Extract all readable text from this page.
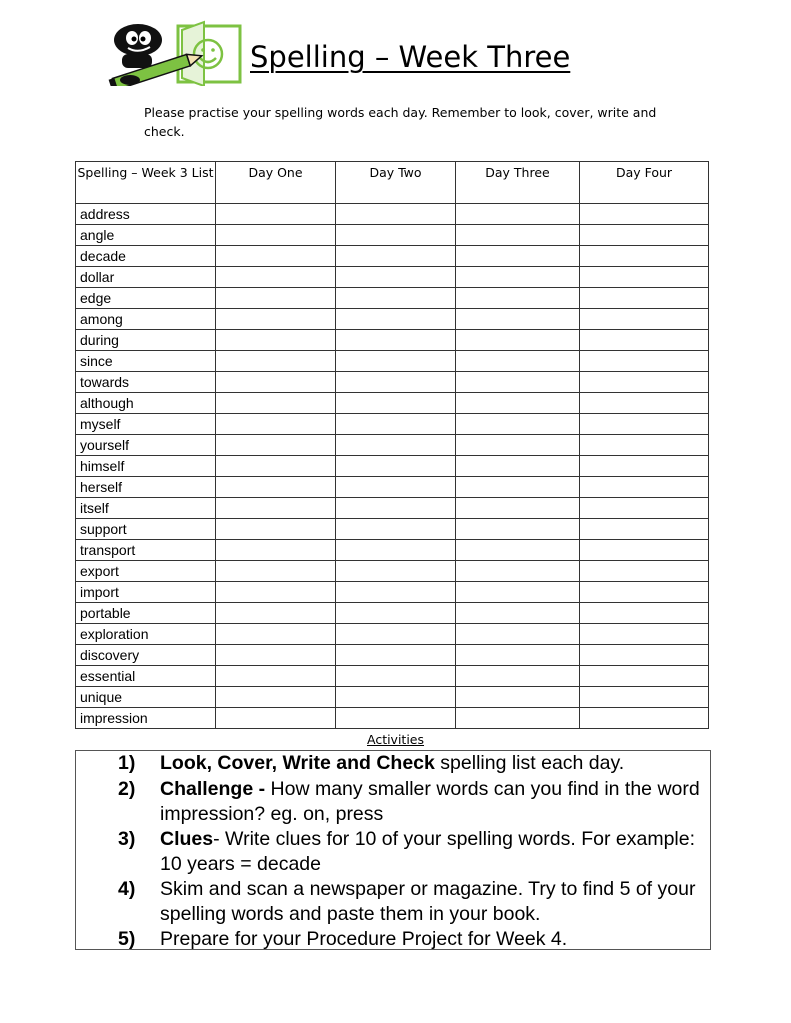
Spelling – Week Three
Please practise your spelling words each day. Remember to look, cover, write and check.
Spelling – Week 3 List	Day One	Day Two	Day Three	Day Four
address				
angle				
decade				
dollar				
edge				
among				
during				
since				
towards				
although				
myself				
yourself				
himself				
herself				
itself				
support				
transport				
export				
import				
portable				
exploration				
discovery				
essential				
unique				
impression				
Activities
1) Look, Cover, Write and Check spelling list each day.
2) Challenge - How many smaller words can you find in the word impression? eg. on, press
3) Clues- Write clues for 10 of your spelling words. For example: 10 years = decade
4) Skim and scan a newspaper or magazine. Try to find 5 of your spelling words and paste them in your book.
5) Prepare for your Procedure Project for Week 4.
